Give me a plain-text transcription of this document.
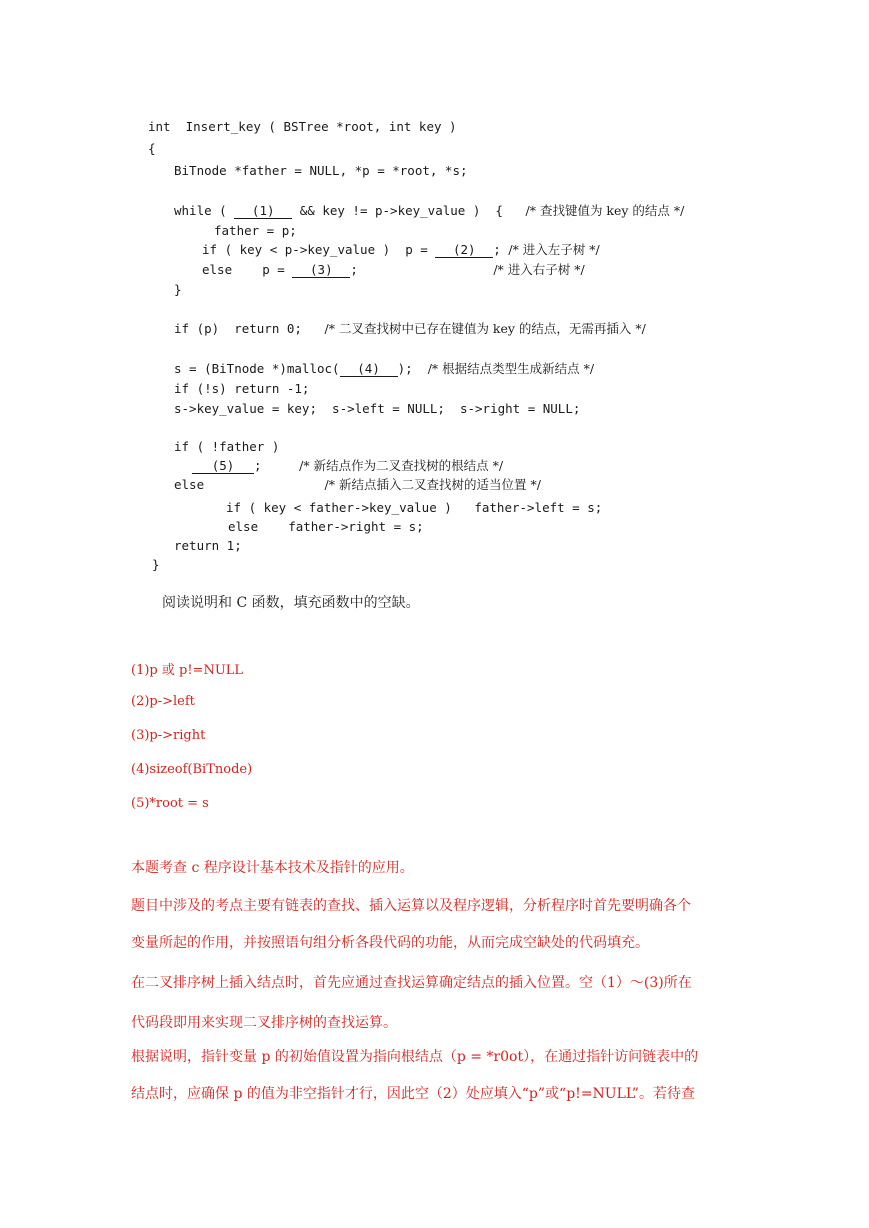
int  Insert_key ( BSTree *root, int key )
{
BiTnode *father = NULL, *p = *root, *s;
while ( (1) && key != p->key_value )  { /* 查找键值为 key 的结点 */
father = p;
if ( key < p->key_value )  p = (2) ; /* 进入左子树 */
else    p = (3) ;	/* 进入右子树 */
}
if (p)  return 0; /* 二叉查找树中已存在键值为 key 的结点，无需再插入 */
s = (BiTnode *)malloc( (4) ); /* 根据结点类型生成新结点 */
if (!s) return -1;
s->key_value = key;  s->left = NULL;  s->right = NULL;
if ( !father )
(5) ;	/* 新结点作为二叉查找树的根结点 */
else	/* 新结点插入二叉查找树的适当位置 */
if ( key < father->key_value )   father->left = s;
else    father->right = s;
return 1;
}
阅读说明和 C 函数，填充函数中的空缺。
(1)p 或 p!=NULL
(2)p->left
(3)p->right
(4)sizeof(BiTnode)
(5)*root = s
本题考查 c 程序设计基本技术及指针的应用。
题目中涉及的考点主要有链表的查找、插入运算以及程序逻辑，分析程序时首先要明确各个
变量所起的作用，并按照语句组分析各段代码的功能，从而完成空缺处的代码填充。
在二叉排序树上插入结点时，首先应通过查找运算确定结点的插入位置。空（1）～(3)所在
代码段即用来实现二叉排序树的查找运算。
根据说明，指针变量 p 的初始值设置为指向根结点（p = *r0ot），在通过指针访问链表中的
结点时，应确保 p 的值为非空指针才行，因此空（2）处应填入“p”或“p!=NULL”。若待查
